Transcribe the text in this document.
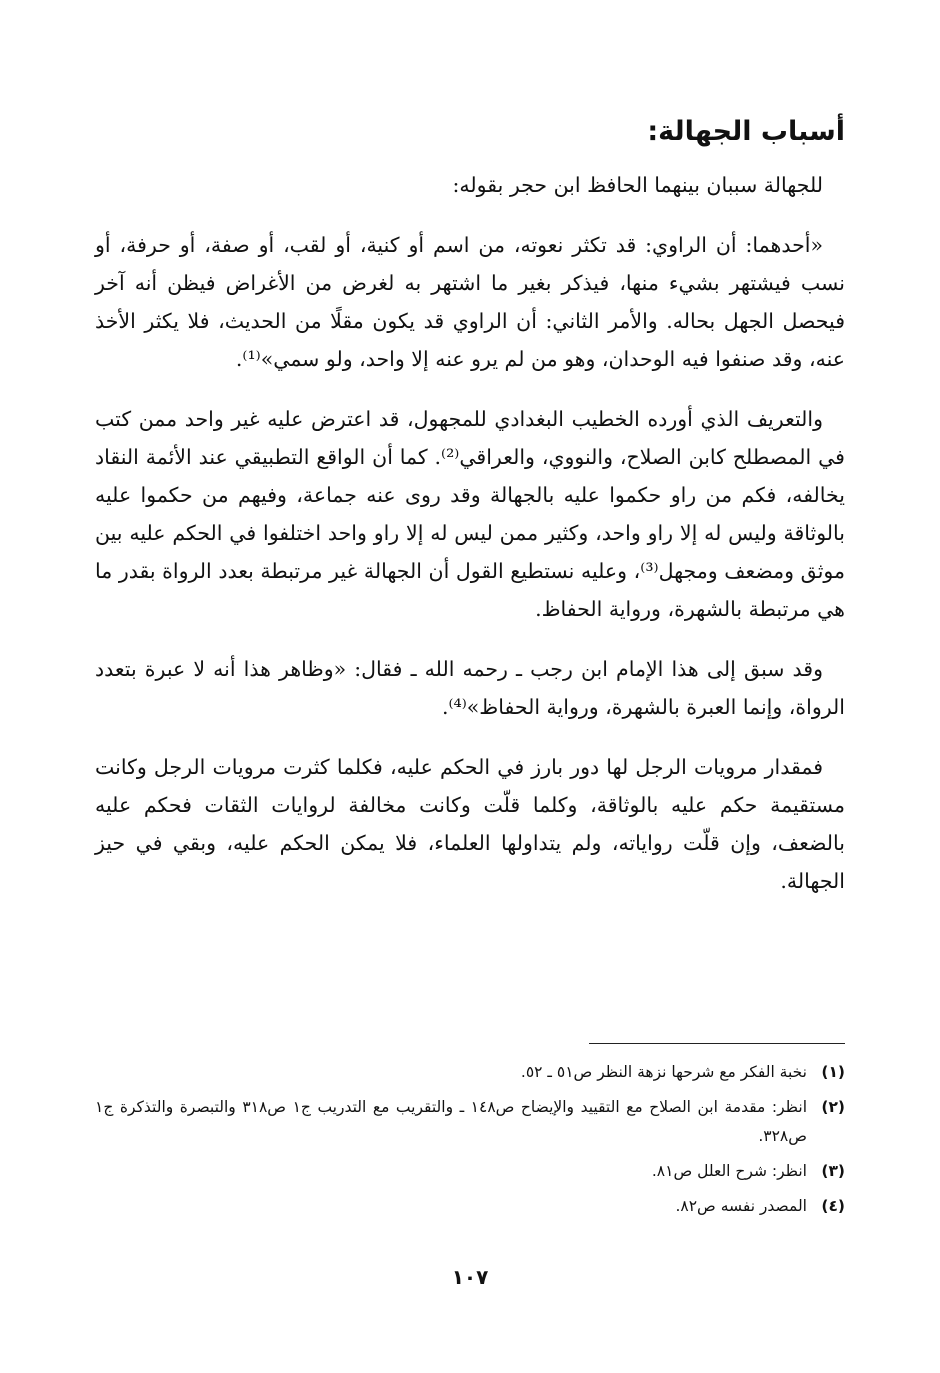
أسباب الجهالة:

للجهالة سببان بينهما الحافظ ابن حجر بقوله:

«أحدهما: أن الراوي: قد تكثر نعوته، من اسم أو كنية، أو لقب، أو صفة، أو حرفة، أو نسب فيشتهر بشيء منها، فيذكر بغير ما اشتهر به لغرض من الأغراض فيظن أنه آخر فيحصل الجهل بحاله. والأمر الثاني: أن الراوي قد يكون مقلًا من الحديث، فلا يكثر الأخذ عنه، وقد صنفوا فيه الوحدان، وهو من لم يرو عنه إلا واحد، ولو سمي»⁽¹⁾.

والتعريف الذي أورده الخطيب البغدادي للمجهول، قد اعترض عليه غير واحد ممن كتب في المصطلح كابن الصلاح، والنووي، والعراقي⁽²⁾. كما أن الواقع التطبيقي عند الأئمة النقاد يخالفه، فكم من راو حكموا عليه بالجهالة وقد روى عنه جماعة، وفيهم من حكموا عليه بالوثاقة وليس له إلا راو واحد، وكثير ممن ليس له إلا راو واحد اختلفوا في الحكم عليه بين موثق ومضعف ومجهل⁽³⁾، وعليه نستطيع القول أن الجهالة غير مرتبطة بعدد الرواة بقدر ما هي مرتبطة بالشهرة، ورواية الحفاظ.

وقد سبق إلى هذا الإمام ابن رجب ـ رحمه الله ـ فقال: «وظاهر هذا أنه لا عبرة بتعدد الرواة، وإنما العبرة بالشهرة، ورواية الحفاظ»⁽⁴⁾.

فمقدار مرويات الرجل لها دور بارز في الحكم عليه، فكلما كثرت مرويات الرجل وكانت مستقيمة حكم عليه بالوثاقة، وكلما قلّت وكانت مخالفة لروايات الثقات فحكم عليه بالضعف، وإن قلّت رواياته، ولم يتداولها العلماء، فلا يمكن الحكم عليه، وبقي في حيز الجهالة.

(١)
نخبة الفكر مع شرحها نزهة النظر ص٥١ ـ ٥٢.
(٢)
انظر: مقدمة ابن الصلاح مع التقييد والإيضاح ص١٤٨ ـ والتقريب مع التدريب ج١ ص٣١٨ والتبصرة والتذكرة ج١ ص٣٢٨.
(٣)
انظر: شرح العلل ص٨١.
(٤)
المصدر نفسه ص٨٢.
١٠٧
